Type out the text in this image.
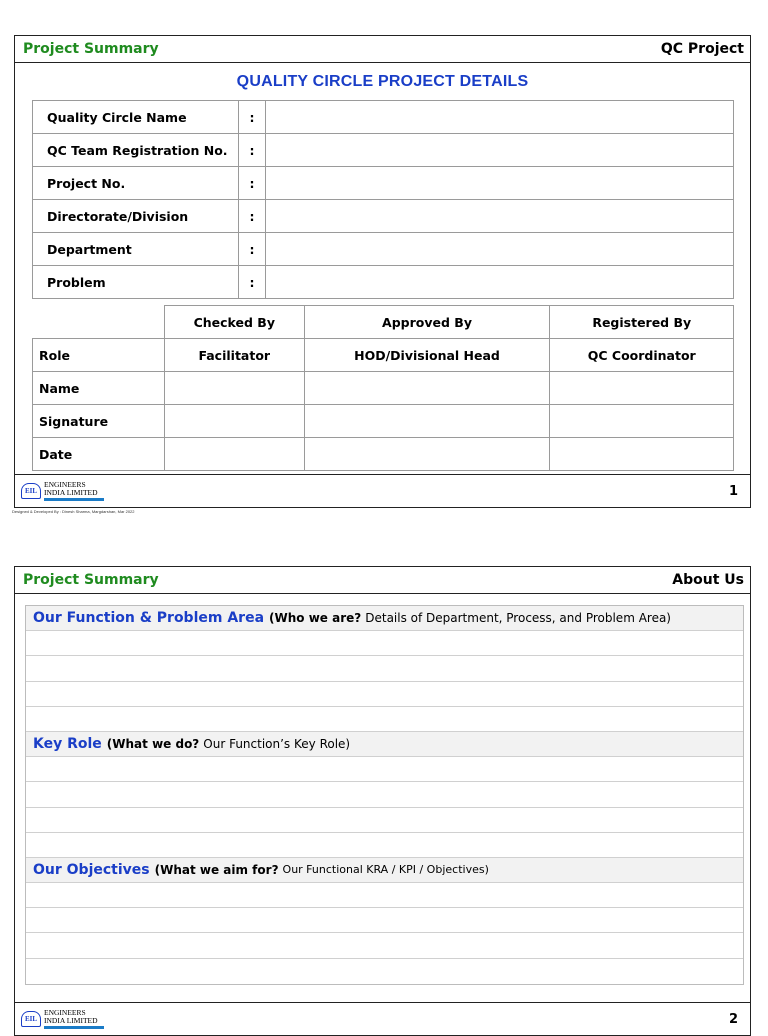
Project Summary	QC Project
QUALITY CIRCLE PROJECT DETAILS
Quality Circle Name	:	
QC Team Registration No.	:	
Project No.	:	
Directorate/Division	:	
Department	:	
Problem	:	
	Checked By	Approved By	Registered By
Role	Facilitator	HOD/Divisional Head	QC Coordinator
Name			
Signature			
Date			
EIL
ENGINEERS
INDIA LIMITED	1
Designed & Developed By : Dinesh Sharma, Margdarshan, Mar 2022
Project Summary	About Us
Our Function & Problem Area (Who we are? Details of Department, Process, and Problem Area)
Key Role (What we do? Our Function’s Key Role)
Our Objectives (What we aim for? Our Functional KRA / KPI / Objectives)
EIL
ENGINEERS
INDIA LIMITED	2
